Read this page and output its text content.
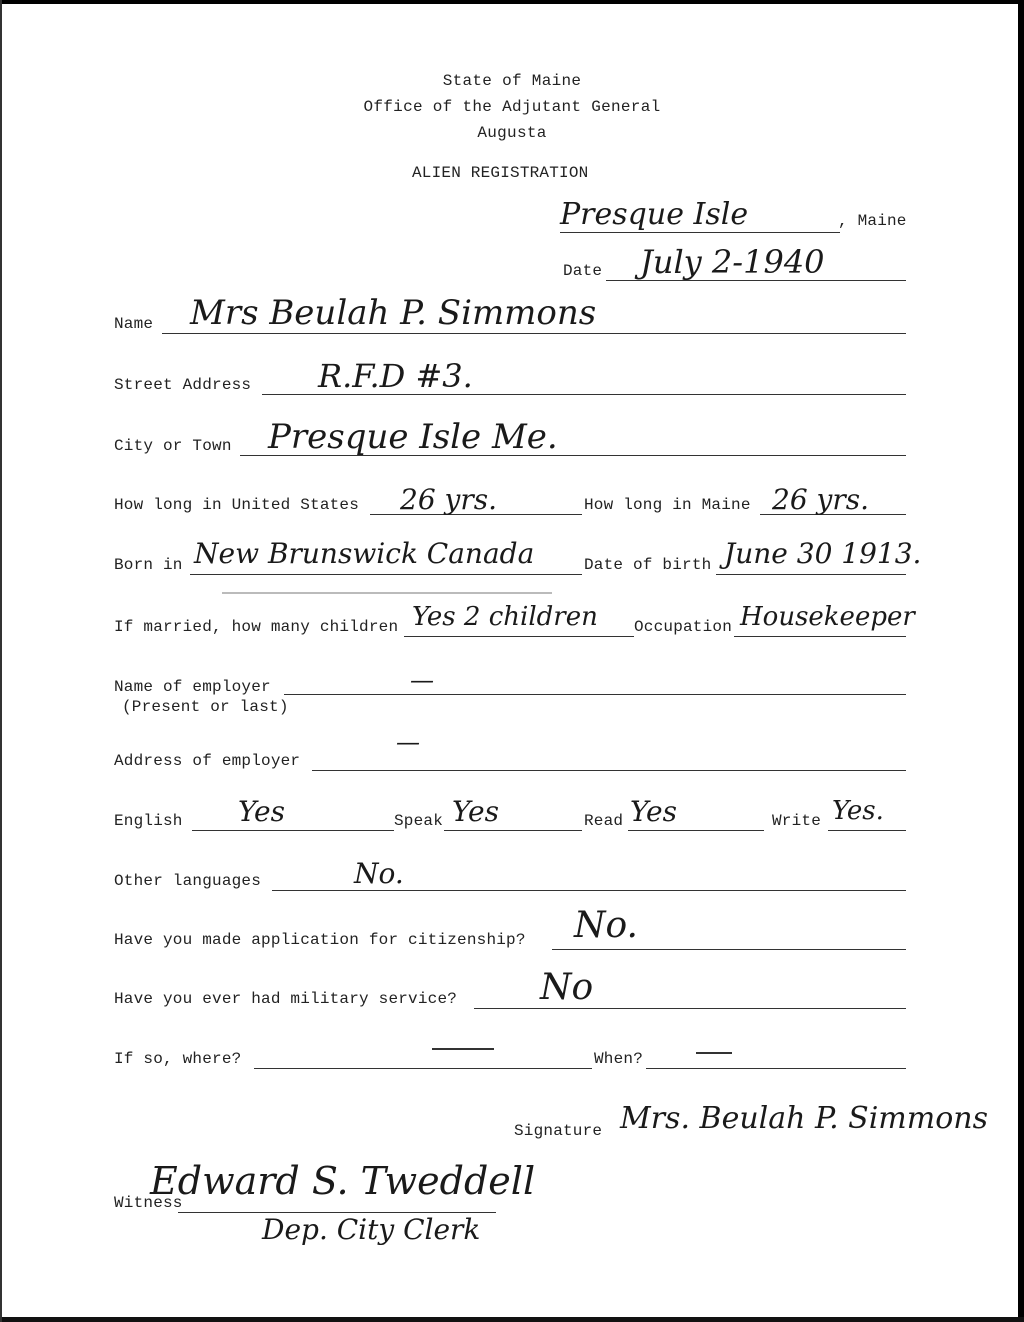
State of Maine
Office of the Adjutant General
Augusta
ALIEN REGISTRATION
Presque Isle	, Maine
Date July 2-1940
Name Mrs Beulah P. Simmons
Street Address R.F.D #3.
City or Town Presque Isle Me.
How long in United States 26 yrs.	How long in Maine 26 yrs.
Born in New Brunswick Canada	Date of birth June 30 1913.
If married, how many children Yes 2 children Occupation Housekeeper
Name of employer
(Present or last)
—
Address of employer
—
English Yes	Speak Yes	Read Yes	Write Yes.
Other languages	No.
Have you made application for citizenship? No.
Have you ever had military service? No
If so, where?	When?
Signature Mrs. Beulah P. Simmons
Witness
Edward S. Tweddell
Dep. City Clerk
